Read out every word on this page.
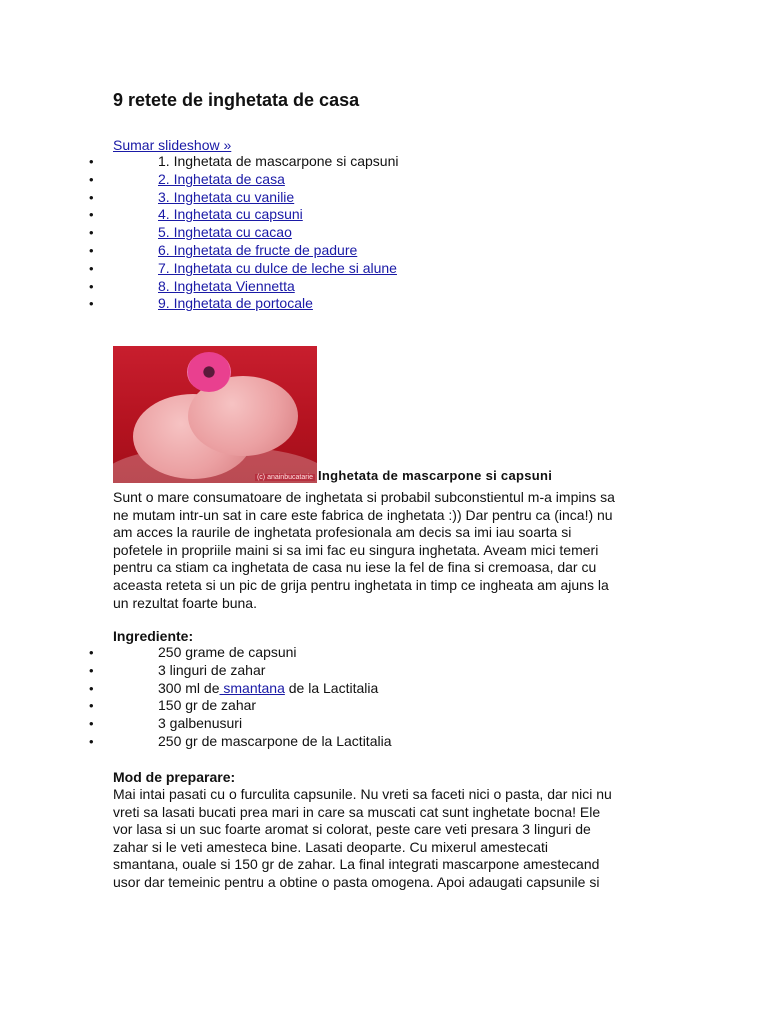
9 retete de inghetata de casa
Sumar slideshow »
•	1. Inghetata de mascarpone si capsuni
•	2. Inghetata de casa
•	3. Inghetata cu vanilie
•	4. Inghetata cu capsuni
•	5. Inghetata cu cacao
•	6. Inghetata de fructe de padure
•	7. Inghetata cu dulce de leche si alune
•	8. Inghetata Viennetta
•	9. Inghetata de portocale
(c) anainbucatarie Inghetata de mascarpone si capsuni

Sunt o mare consumatoare de inghetata si probabil subconstientul m-a impins sa
ne mutam intr-un sat in care este fabrica de inghetata :)) Dar pentru ca (inca!) nu
am acces la raurile de inghetata profesionala am decis sa imi iau soarta si
pofetele in propriile maini si sa imi fac eu singura inghetata. Aveam mici temeri
pentru ca stiam ca inghetata de casa nu iese la fel de fina si cremoasa, dar cu
aceasta reteta si un pic de grija pentru inghetata in timp ce ingheata am ajuns la
un rezultat foarte buna.

Ingrediente:
•	250 grame de capsuni
•	3 linguri de zahar
•	300 ml de smantana de la Lactitalia
•	150 gr de zahar
•	3 galbenusuri
•	250 gr de mascarpone de la Lactitalia
Mod de preparare:

Mai intai pasati cu o furculita capsunile. Nu vreti sa faceti nici o pasta, dar nici nu
vreti sa lasati bucati prea mari in care sa muscati cat sunt inghetate bocna! Ele
vor lasa si un suc foarte aromat si colorat, peste care veti presara 3 linguri de
zahar si le veti amesteca bine. Lasati deoparte. Cu mixerul amestecati
smantana, ouale si 150 gr de zahar. La final integrati mascarpone amestecand
usor dar temeinic pentru a obtine o pasta omogena. Apoi adaugati capsunile si
